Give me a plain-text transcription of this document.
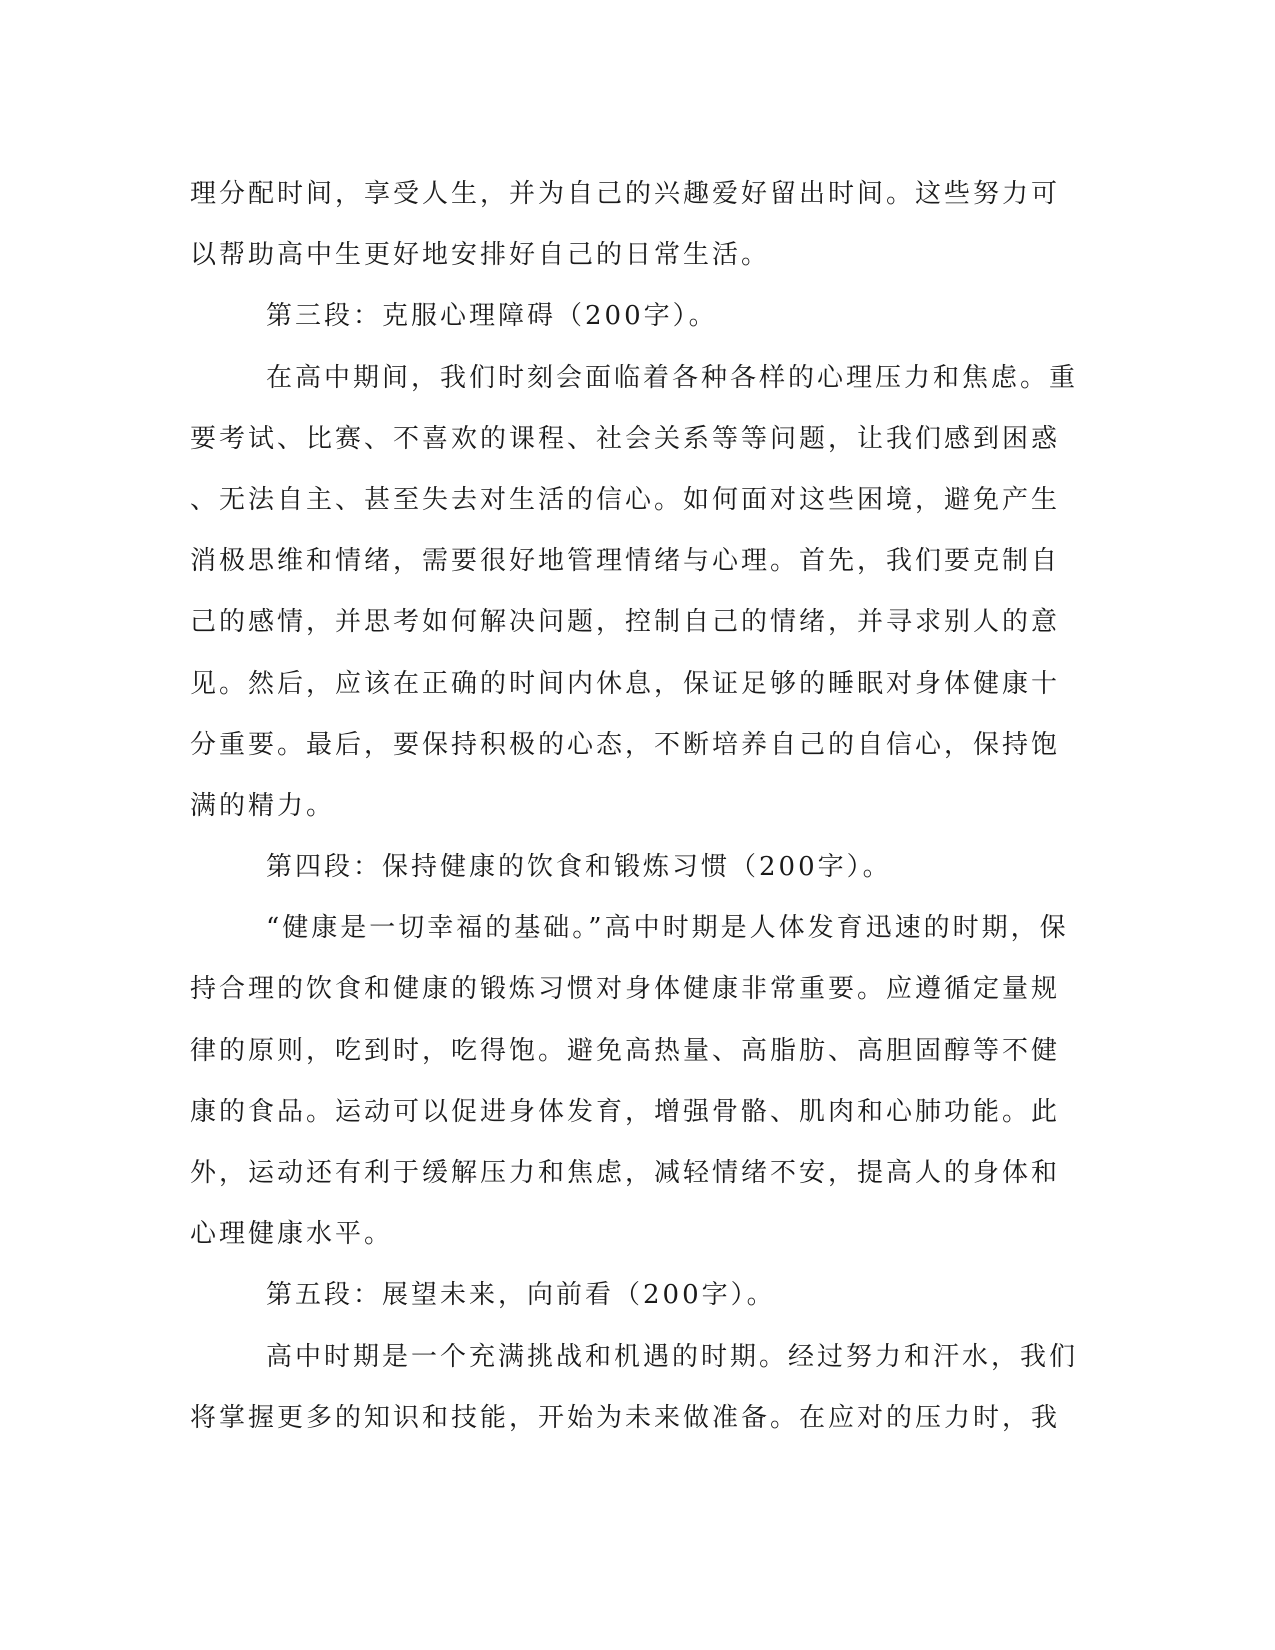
理分配时间，享受人生，并为自己的兴趣爱好留出时间。这些努力可
以帮助高中生更好地安排好自己的日常生活。
第三段：克服心理障碍（200字）。
在高中期间，我们时刻会面临着各种各样的心理压力和焦虑。重
要考试、比赛、不喜欢的课程、社会关系等等问题，让我们感到困惑
、无法自主、甚至失去对生活的信心。如何面对这些困境，避免产生
消极思维和情绪，需要很好地管理情绪与心理。首先，我们要克制自
己的感情，并思考如何解决问题，控制自己的情绪，并寻求别人的意
见。然后，应该在正确的时间内休息，保证足够的睡眠对身体健康十
分重要。最后，要保持积极的心态，不断培养自己的自信心，保持饱
满的精力。
第四段：保持健康的饮食和锻炼习惯（200字）。
“健康是一切幸福的基础。”高中时期是人体发育迅速的时期，保
持合理的饮食和健康的锻炼习惯对身体健康非常重要。应遵循定量规
律的原则，吃到时，吃得饱。避免高热量、高脂肪、高胆固醇等不健
康的食品。运动可以促进身体发育，增强骨骼、肌肉和心肺功能。此
外，运动还有利于缓解压力和焦虑，减轻情绪不安，提高人的身体和
心理健康水平。
第五段：展望未来，向前看（200字）。
高中时期是一个充满挑战和机遇的时期。经过努力和汗水，我们
将掌握更多的知识和技能，开始为未来做准备。在应对的压力时，我
